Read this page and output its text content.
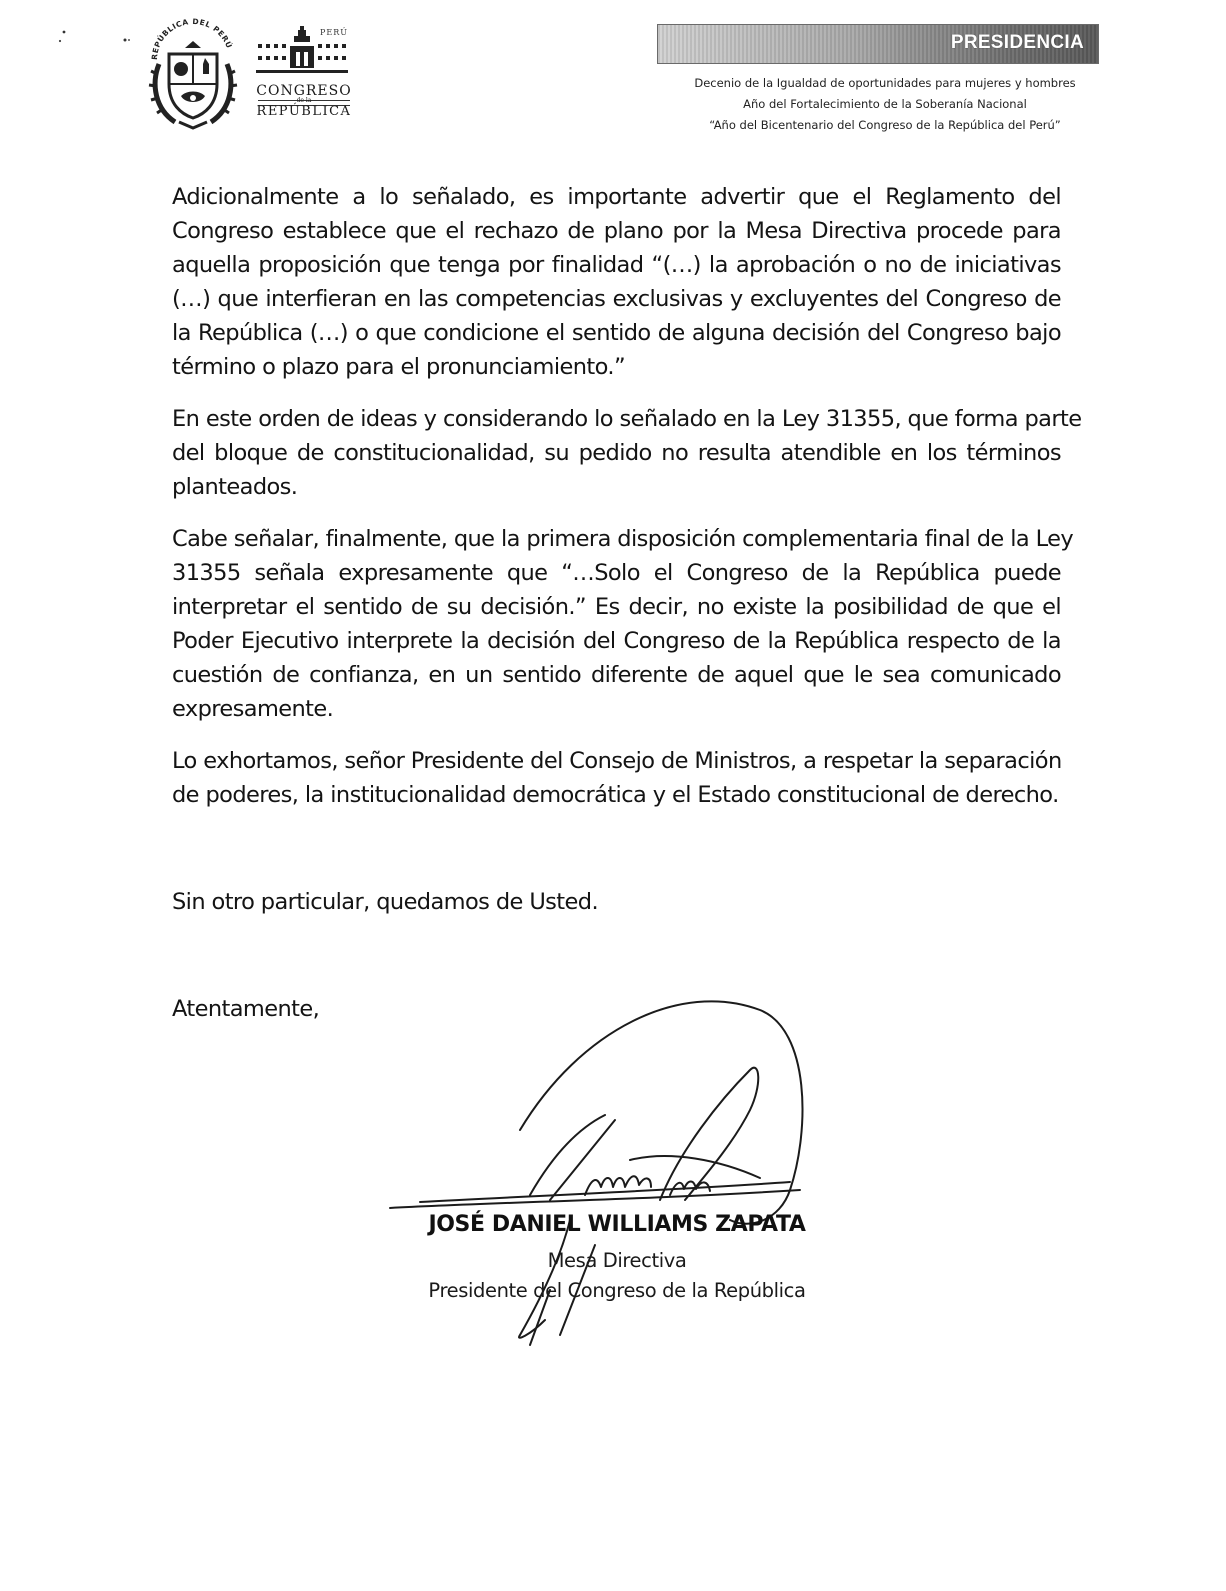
REPÚBLICA DEL PERÚ
PERÚ
CONGRESO
de la
REPÚBLICA
PRESIDENCIA
Decenio de la Igualdad de oportunidades para mujeres y hombres
Año del Fortalecimiento de la Soberanía Nacional
“Año del Bicentenario del Congreso de la República del Perú”

Adicionalmente a lo señalado, es importante advertir que el Reglamento del
Congreso establece que el rechazo de plano por la Mesa Directiva procede para
aquella proposición que tenga por finalidad “(…) la aprobación o no de iniciativas
(…) que interfieran en las competencias exclusivas y excluyentes del Congreso de
la República (…) o que condicione el sentido de alguna decisión del Congreso bajo
término o plazo para el pronunciamiento.”

En este orden de ideas y considerando lo señalado en la Ley 31355, que forma parte
del bloque de constitucionalidad, su pedido no resulta atendible en los términos
planteados.

Cabe señalar, finalmente, que la primera disposición complementaria final de la Ley
31355 señala expresamente que “…Solo el Congreso de la República puede
interpretar el sentido de su decisión.” Es decir, no existe la posibilidad de que el
Poder Ejecutivo interprete la decisión del Congreso de la República respecto de la
cuestión de confianza, en un sentido diferente de aquel que le sea comunicado
expresamente.

Lo exhortamos, señor Presidente del Consejo de Ministros, a respetar la separación
de poderes, la institucionalidad democrática y el Estado constitucional de derecho.

Sin otro particular, quedamos de Usted.
Atentamente,
JOSÉ DANIEL WILLIAMS ZAPATA
Mesa Directiva
Presidente del Congreso de la República
